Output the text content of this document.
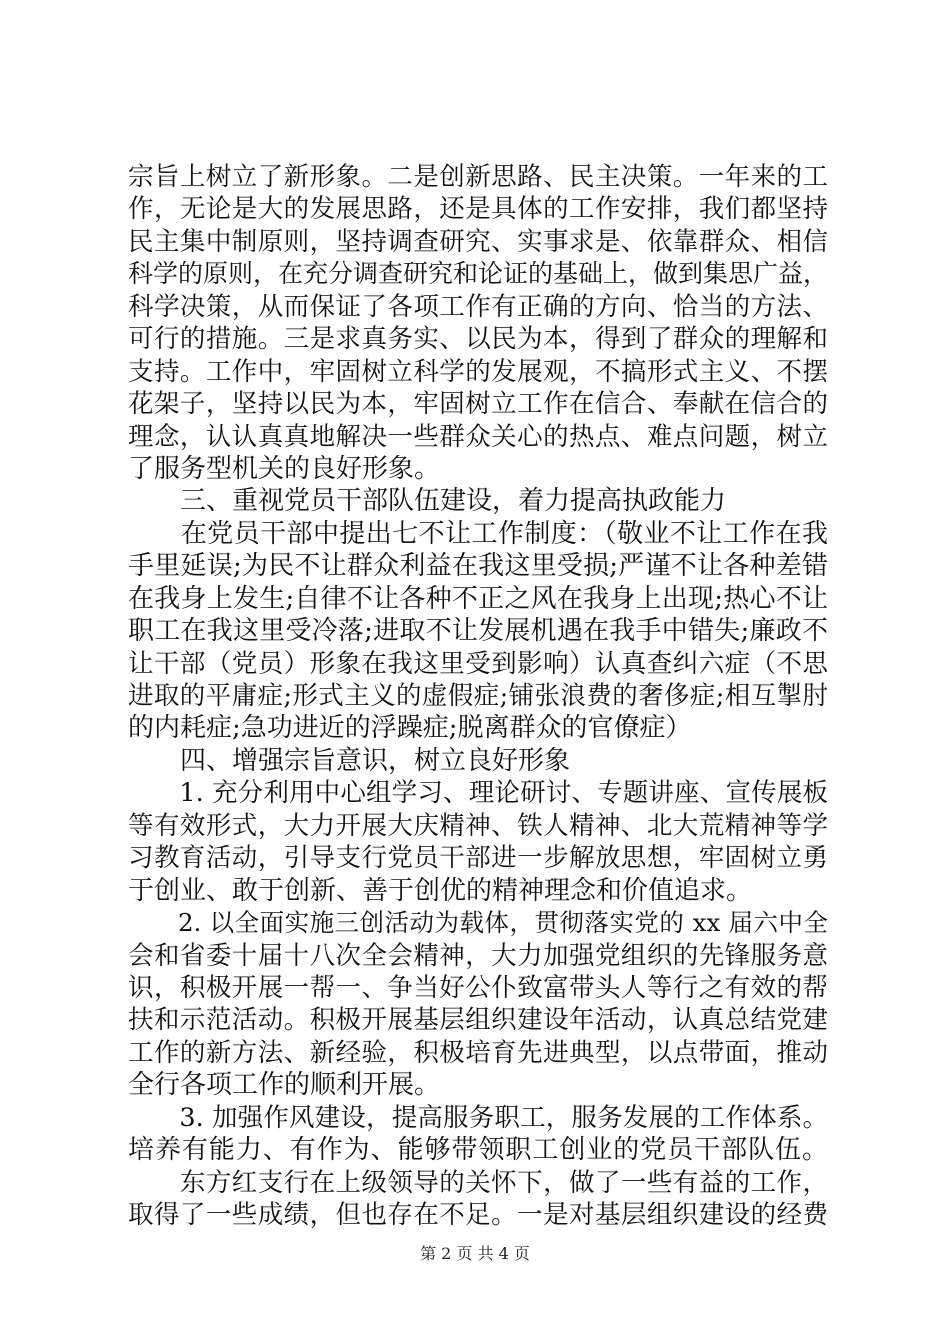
宗旨上树立了新形象。二是创新思路、民主决策。一年来的工
作，无论是大的发展思路，还是具体的工作安排，我们都坚持
民主集中制原则，坚持调查研究、实事求是、依靠群众、相信
科学的原则，在充分调查研究和论证的基础上，做到集思广益，
科学决策，从而保证了各项工作有正确的方向、恰当的方法、
可行的措施。三是求真务实、以民为本，得到了群众的理解和
支持。工作中，牢固树立科学的发展观，不搞形式主义、不摆
花架子，坚持以民为本，牢固树立工作在信合、奉献在信合的
理念，认认真真地解决一些群众关心的热点、难点问题，树立
了服务型机关的良好形象。
　　三、重视党员干部队伍建设，着力提高执政能力
　　在党员干部中提出七不让工作制度：（敬业不让工作在我
手里延误;为民不让群众利益在我这里受损;严谨不让各种差错
在我身上发生;自律不让各种不正之风在我身上出现;热心不让
职工在我这里受冷落;进取不让发展机遇在我手中错失;廉政不
让干部（党员）形象在我这里受到影响）认真查纠六症（不思
进取的平庸症;形式主义的虚假症;铺张浪费的奢侈症;相互掣肘
的内耗症;急功进近的浮躁症;脱离群众的官僚症）
　　四、增强宗旨意识，树立良好形象
　　1. 充分利用中心组学习、理论研讨、专题讲座、宣传展板
等有效形式，大力开展大庆精神、铁人精神、北大荒精神等学
习教育活动，引导支行党员干部进一步解放思想，牢固树立勇
于创业、敢于创新、善于创优的精神理念和价值追求。
　　2. 以全面实施三创活动为载体，贯彻落实党的 xx 届六中全
会和省委十届十八次全会精神，大力加强党组织的先锋服务意
识，积极开展一帮一、争当好公仆致富带头人等行之有效的帮
扶和示范活动。积极开展基层组织建设年活动，认真总结党建
工作的新方法、新经验，积极培育先进典型，以点带面，推动
全行各项工作的顺利开展。
　　3. 加强作风建设，提高服务职工，服务发展的工作体系。
培养有能力、有作为、能够带领职工创业的党员干部队伍。
　　东方红支行在上级领导的关怀下，做了一些有益的工作，
取得了一些成绩，但也存在不足。一是对基层组织建设的经费
第 2 页 共 4 页
